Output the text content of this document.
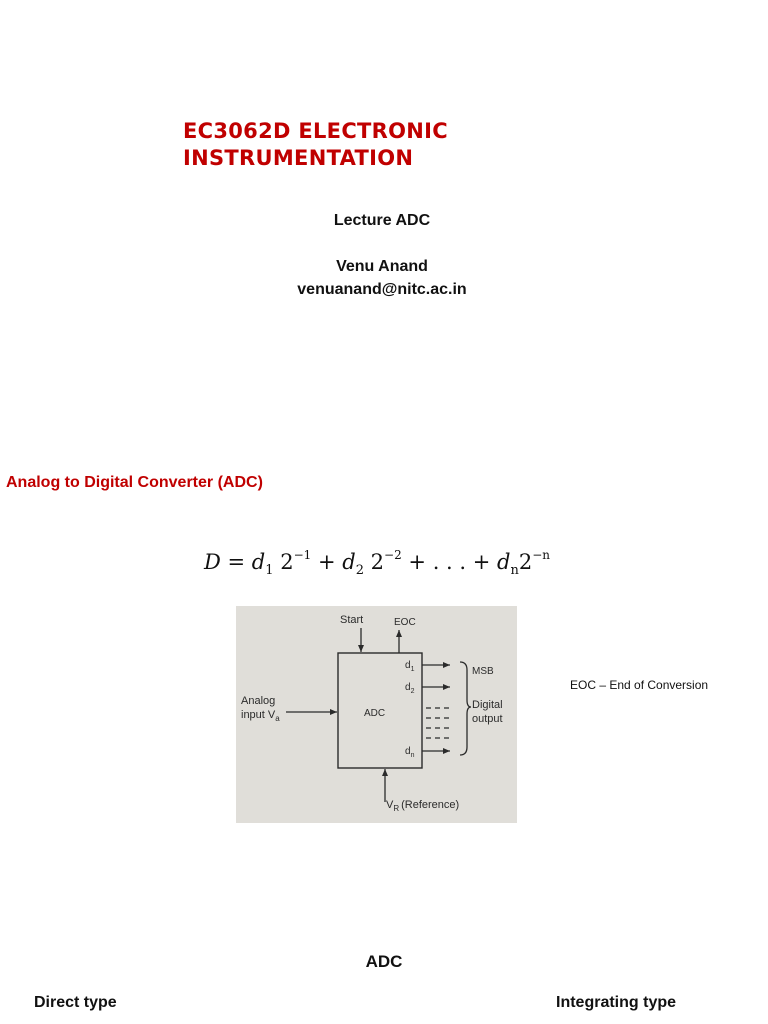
EC3062D ELECTRONIC INSTRUMENTATION
Lecture ADC
Venu Anand
venuanand@nitc.ac.in
Analog to Digital Converter (ADC)
$D = d_1$ $2^{-1} + d_2$ $2^{-2}$ + . . . + $d_n2^{-n}$
ADC
Start	EOC
Analog
input $V_a$
$V_R$ (Reference)
$d_1$
$d_2$
$d_n$
MSB
Digital
output
EOC – End of Conversion
ADC
Direct type	Integrating type
